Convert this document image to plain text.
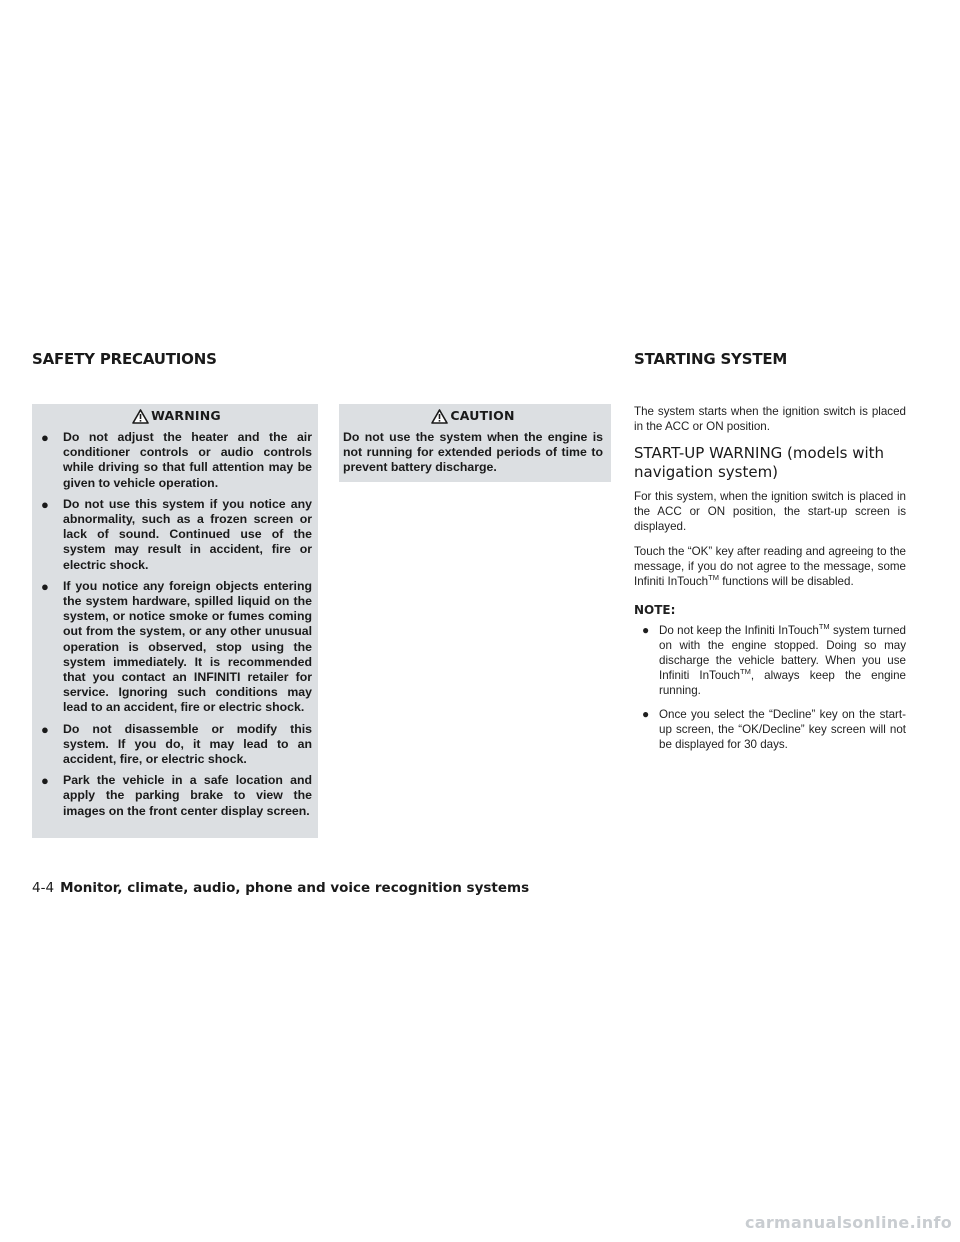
SAFETY PRECAUTIONS	STARTING SYSTEM
WARNING
● Do not adjust the heater and the air conditioner controls or audio controls while driving so that full attention may be given to vehicle operation.
● Do not use this system if you notice any abnormality, such as a frozen screen or lack of sound. Continued use of the system may result in accident, fire or electric shock.
● If you notice any foreign objects entering the system hardware, spilled liquid on the system, or notice smoke or fumes coming out from the system, or any other unusual operation is observed, stop using the system immediately. It is recommended that you contact an INFINITI retailer for service. Ignoring such conditions may lead to an accident, fire or electric shock.
● Do not disassemble or modify this system. If you do, it may lead to an accident, fire, or electric shock.
● Park the vehicle in a safe location and apply the parking brake to view the images on the front center display screen.
CAUTION

Do not use the system when the engine is not running for extended periods of time to prevent battery discharge.

The system starts when the ignition switch is placed in the ACC or ON position.

START-UP WARNING (models with navigation system)

For this system, when the ignition switch is placed in the ACC or ON position, the start-up screen is displayed.

Touch the “OK” key after reading and agreeing to the message, if you do not agree to the message, some Infiniti InTouch™ functions will be disabled.

NOTE:
● Do not keep the Infiniti InTouch™ system turned on with the engine stopped. Doing so may discharge the vehicle battery. When you use Infiniti InTouch™, always keep the engine running.
● Once you select the “Decline” key on the start-up screen, the “OK/Decline” key screen will not be displayed for 30 days.
4-4 Monitor, climate, audio, phone and voice recognition systems
carmanualsonline.info
